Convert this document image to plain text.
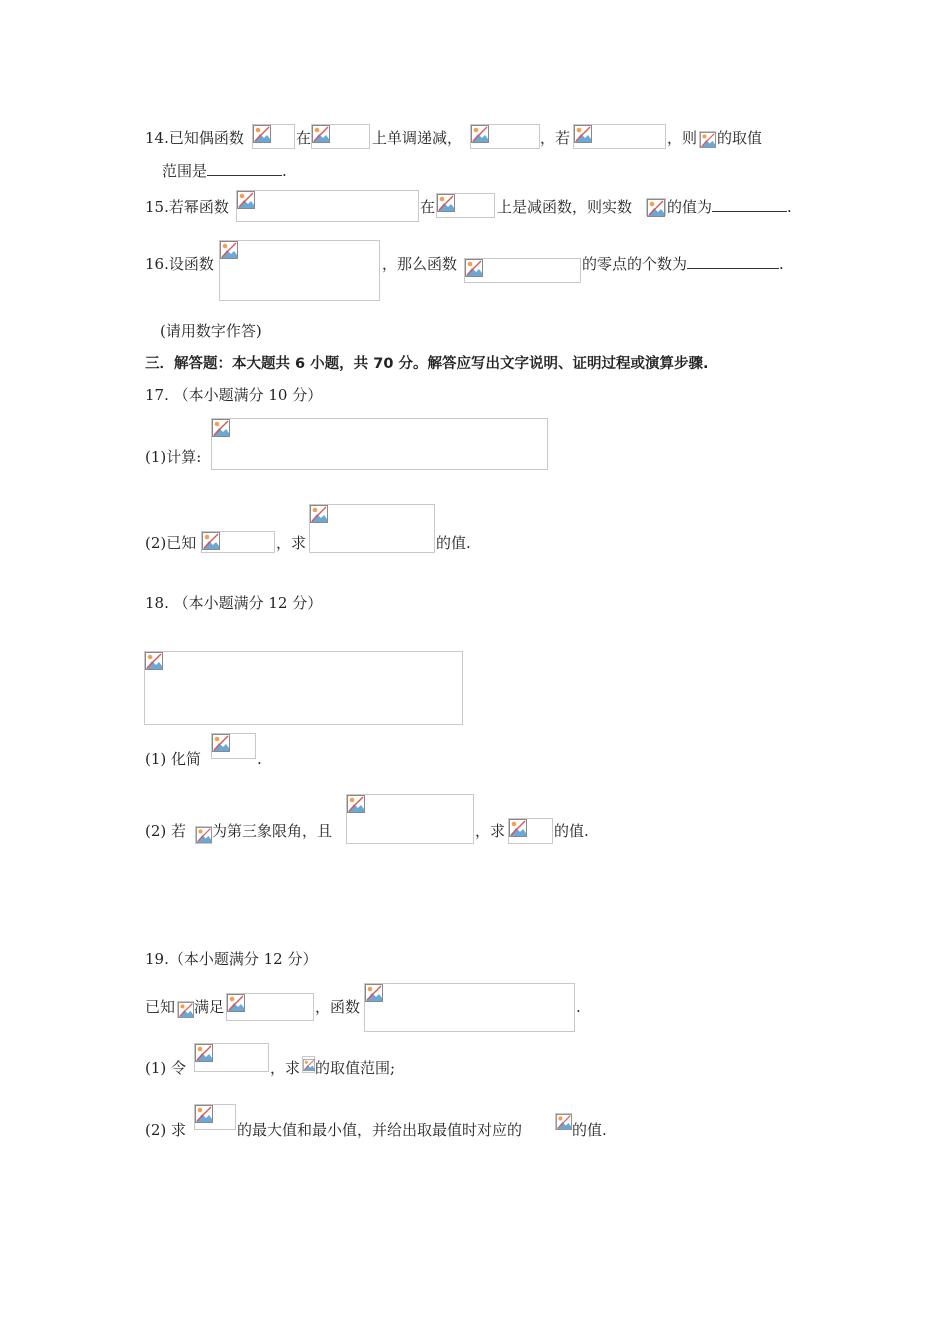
14.已知偶函数	在	上单调递减，	，若	，则 的取值
范围是	.
15.若幂函数	在	上是减函数，则实数 的值为	.
16.设函数	，那么函数	的零点的个数为	.
(请用数字作答)
三．解答题：本大题共 6 小题，共 70 分。解答应写出文字说明、证明过程或演算步骤.
17. （本小题满分 10 分）
(1)计算:
(2)已知	，求	的值.
18. （本小题满分 12 分）
(1) 化简	.
(2) 若 为第三象限角，且	，求	的值.
19.（本小题满分 12 分）
已知 满足	，函数	.
(1) 令	，求 的取值范围;
(2) 求	的最大值和最小值，并给出取最值时对应的	的值.
